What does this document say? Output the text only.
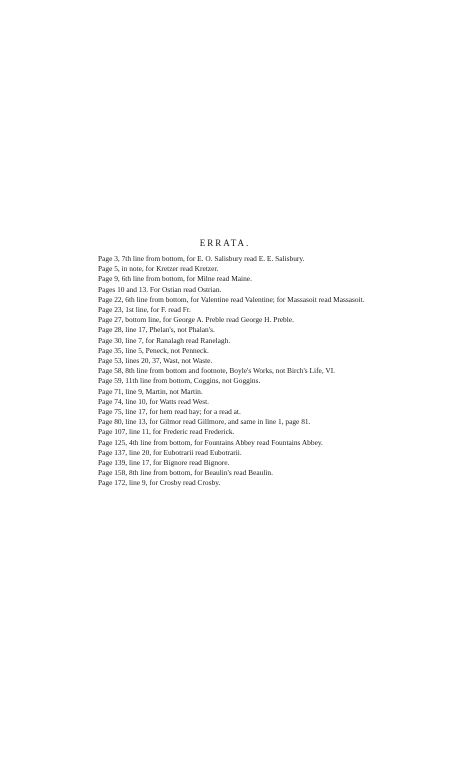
ERRATA.
Page 3, 7th line from bottom, for E. O. Salisbury read E. E. Salisbury.
Page 5, in note, for Kretzer read Kretzer.
Page 9, 6th line from bottom, for Milne read Maine.
Pages 10 and 13. For Ostian read Ostrian.
Page 22, 6th line from bottom, for Valentine read Valentine; for Massasoit read Massasoit.
Page 23, 1st line, for F. read Fr.
Page 27, bottom line, for George A. Preble read George H. Preble.
Page 28, line 17, Phelan's, not Phalan's.
Page 30, line 7, for Ranalagh read Ranelagh.
Page 35, line 5, Peneck, not Penneck.
Page 53, lines 20, 37, Wast, not Waste.
Page 58, 8th line from bottom and footnote, Boyle's Works, not Birch's Life, VI.
Page 59, 11th line from bottom, Coggins, not Goggins.
Page 71, line 9, Martin, not Martin.
Page 74, line 10, for Watts read West.
Page 75, line 17, for hem read hay; for a read at.
Page 80, line 13, for Gilmor read Gillmore, and same in line 1, page 81.
Page 107, line 11, for Frederic read Frederick.
Page 125, 4th line from bottom, for Fountains Abbey read Fountains Abbey.
Page 137, line 20, for Eubotrarii read Eubotrarii.
Page 139, line 17, for Bignore read Bignore.
Page 158, 8th line from bottom, for Beaulin's read Beaulin.
Page 172, line 9, for Crosby read Crosby.
